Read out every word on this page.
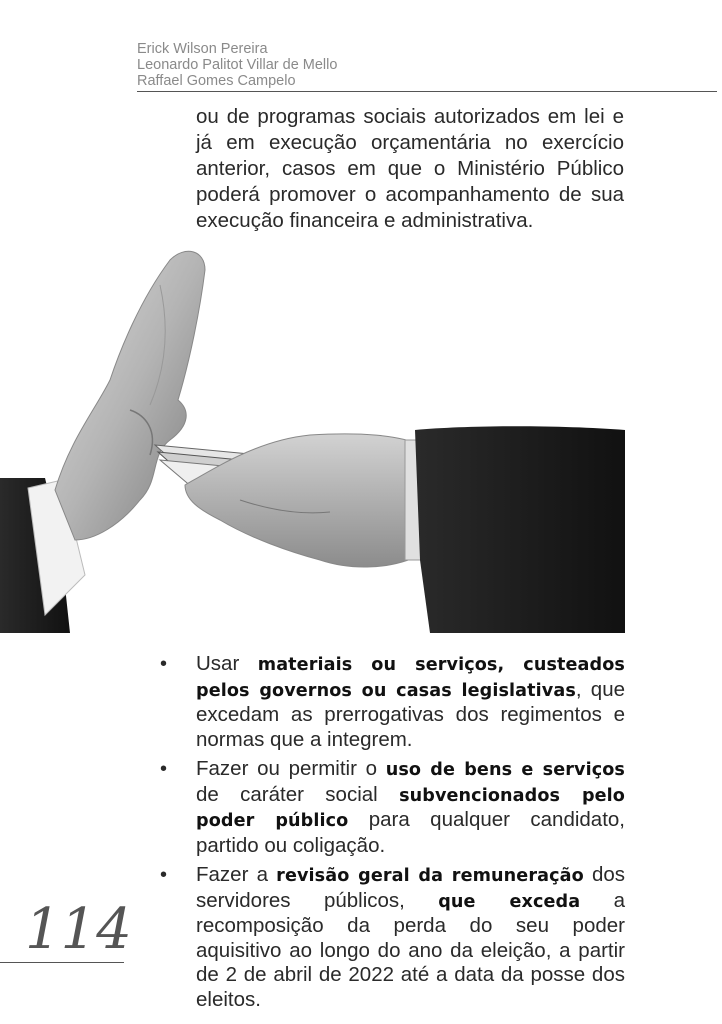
Erick Wilson Pereira
Leonardo Palitot Villar de Mello
Raffael Gomes Campelo

ou de programas sociais autorizados em lei e já em execução orçamentária no exercício anterior, casos em que o Ministério Público poderá promover o acompanhamento de sua execução financeira e administrativa.

• Usar materiais ou serviços, custeados pelos governos ou casas legislativas, que excedam as prerrogativas dos regimentos e normas que a integrem.
• Fazer ou permitir o uso de bens e serviços de caráter social subvencionados pelo poder público para qualquer candidato, partido ou coligação.
• Fazer a revisão geral da remuneração dos servidores públicos, que exceda a recomposição da perda do seu poder aquisitivo ao longo do ano da eleição, a partir de 2 de abril de 2022 até a data da posse dos eleitos.
114
